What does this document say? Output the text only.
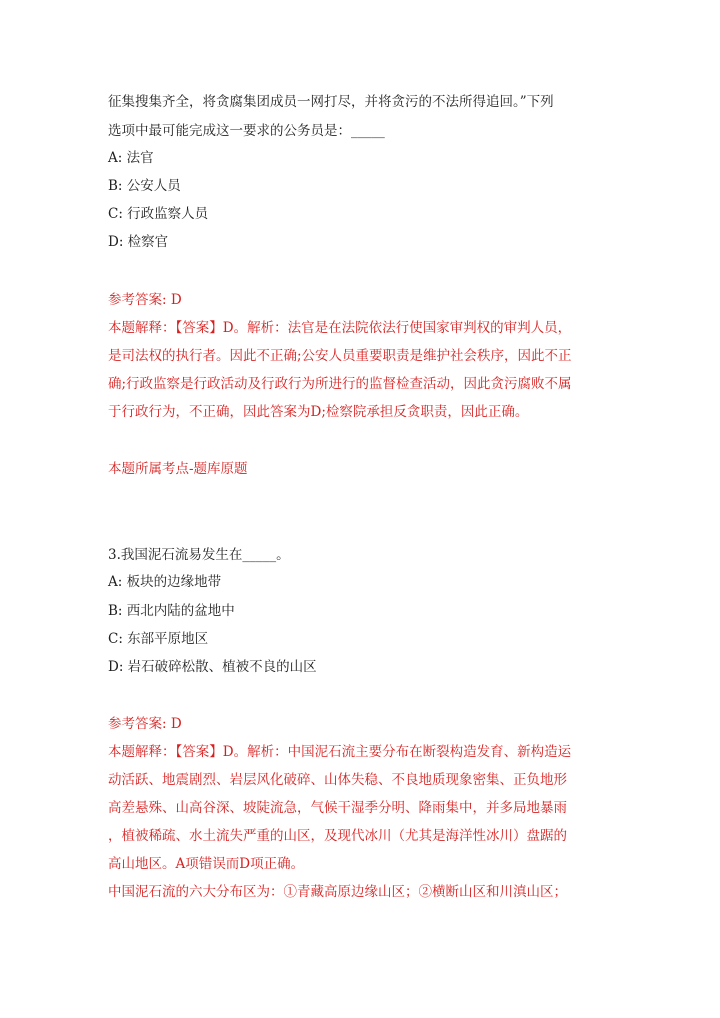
征集搜集齐全，将贪腐集团成员一网打尽，并将贪污的不法所得追回。”下列
选项中最可能完成这一要求的公务员是：_____
A: 法官
B: 公安人员
C: 行政监察人员
D: 检察官
参考答案: D
本题解释：【答案】D。解析：法官是在法院依法行使国家审判权的审判人员，
是司法权的执行者。因此不正确;公安人员重要职责是维护社会秩序，因此不正
确;行政监察是行政活动及行政行为所进行的监督检查活动，因此贪污腐败不属
于行政行为，不正确，因此答案为D;检察院承担反贪职责，因此正确。
本题所属考点-题库原题
3.我国泥石流易发生在_____。
A: 板块的边缘地带
B: 西北内陆的盆地中
C: 东部平原地区
D: 岩石破碎松散、植被不良的山区
参考答案: D
本题解释：【答案】D。解析：中国泥石流主要分布在断裂构造发育、新构造运
动活跃、地震剧烈、岩层风化破碎、山体失稳、不良地质现象密集、正负地形
高差悬殊、山高谷深、坡陡流急，气候干湿季分明、降雨集中，并多局地暴雨
，植被稀疏、水土流失严重的山区，及现代冰川（尤其是海洋性冰川）盘踞的
高山地区。A项错误而D项正确。
中国泥石流的六大分布区为：①青藏高原边缘山区；②横断山区和川滇山区；
